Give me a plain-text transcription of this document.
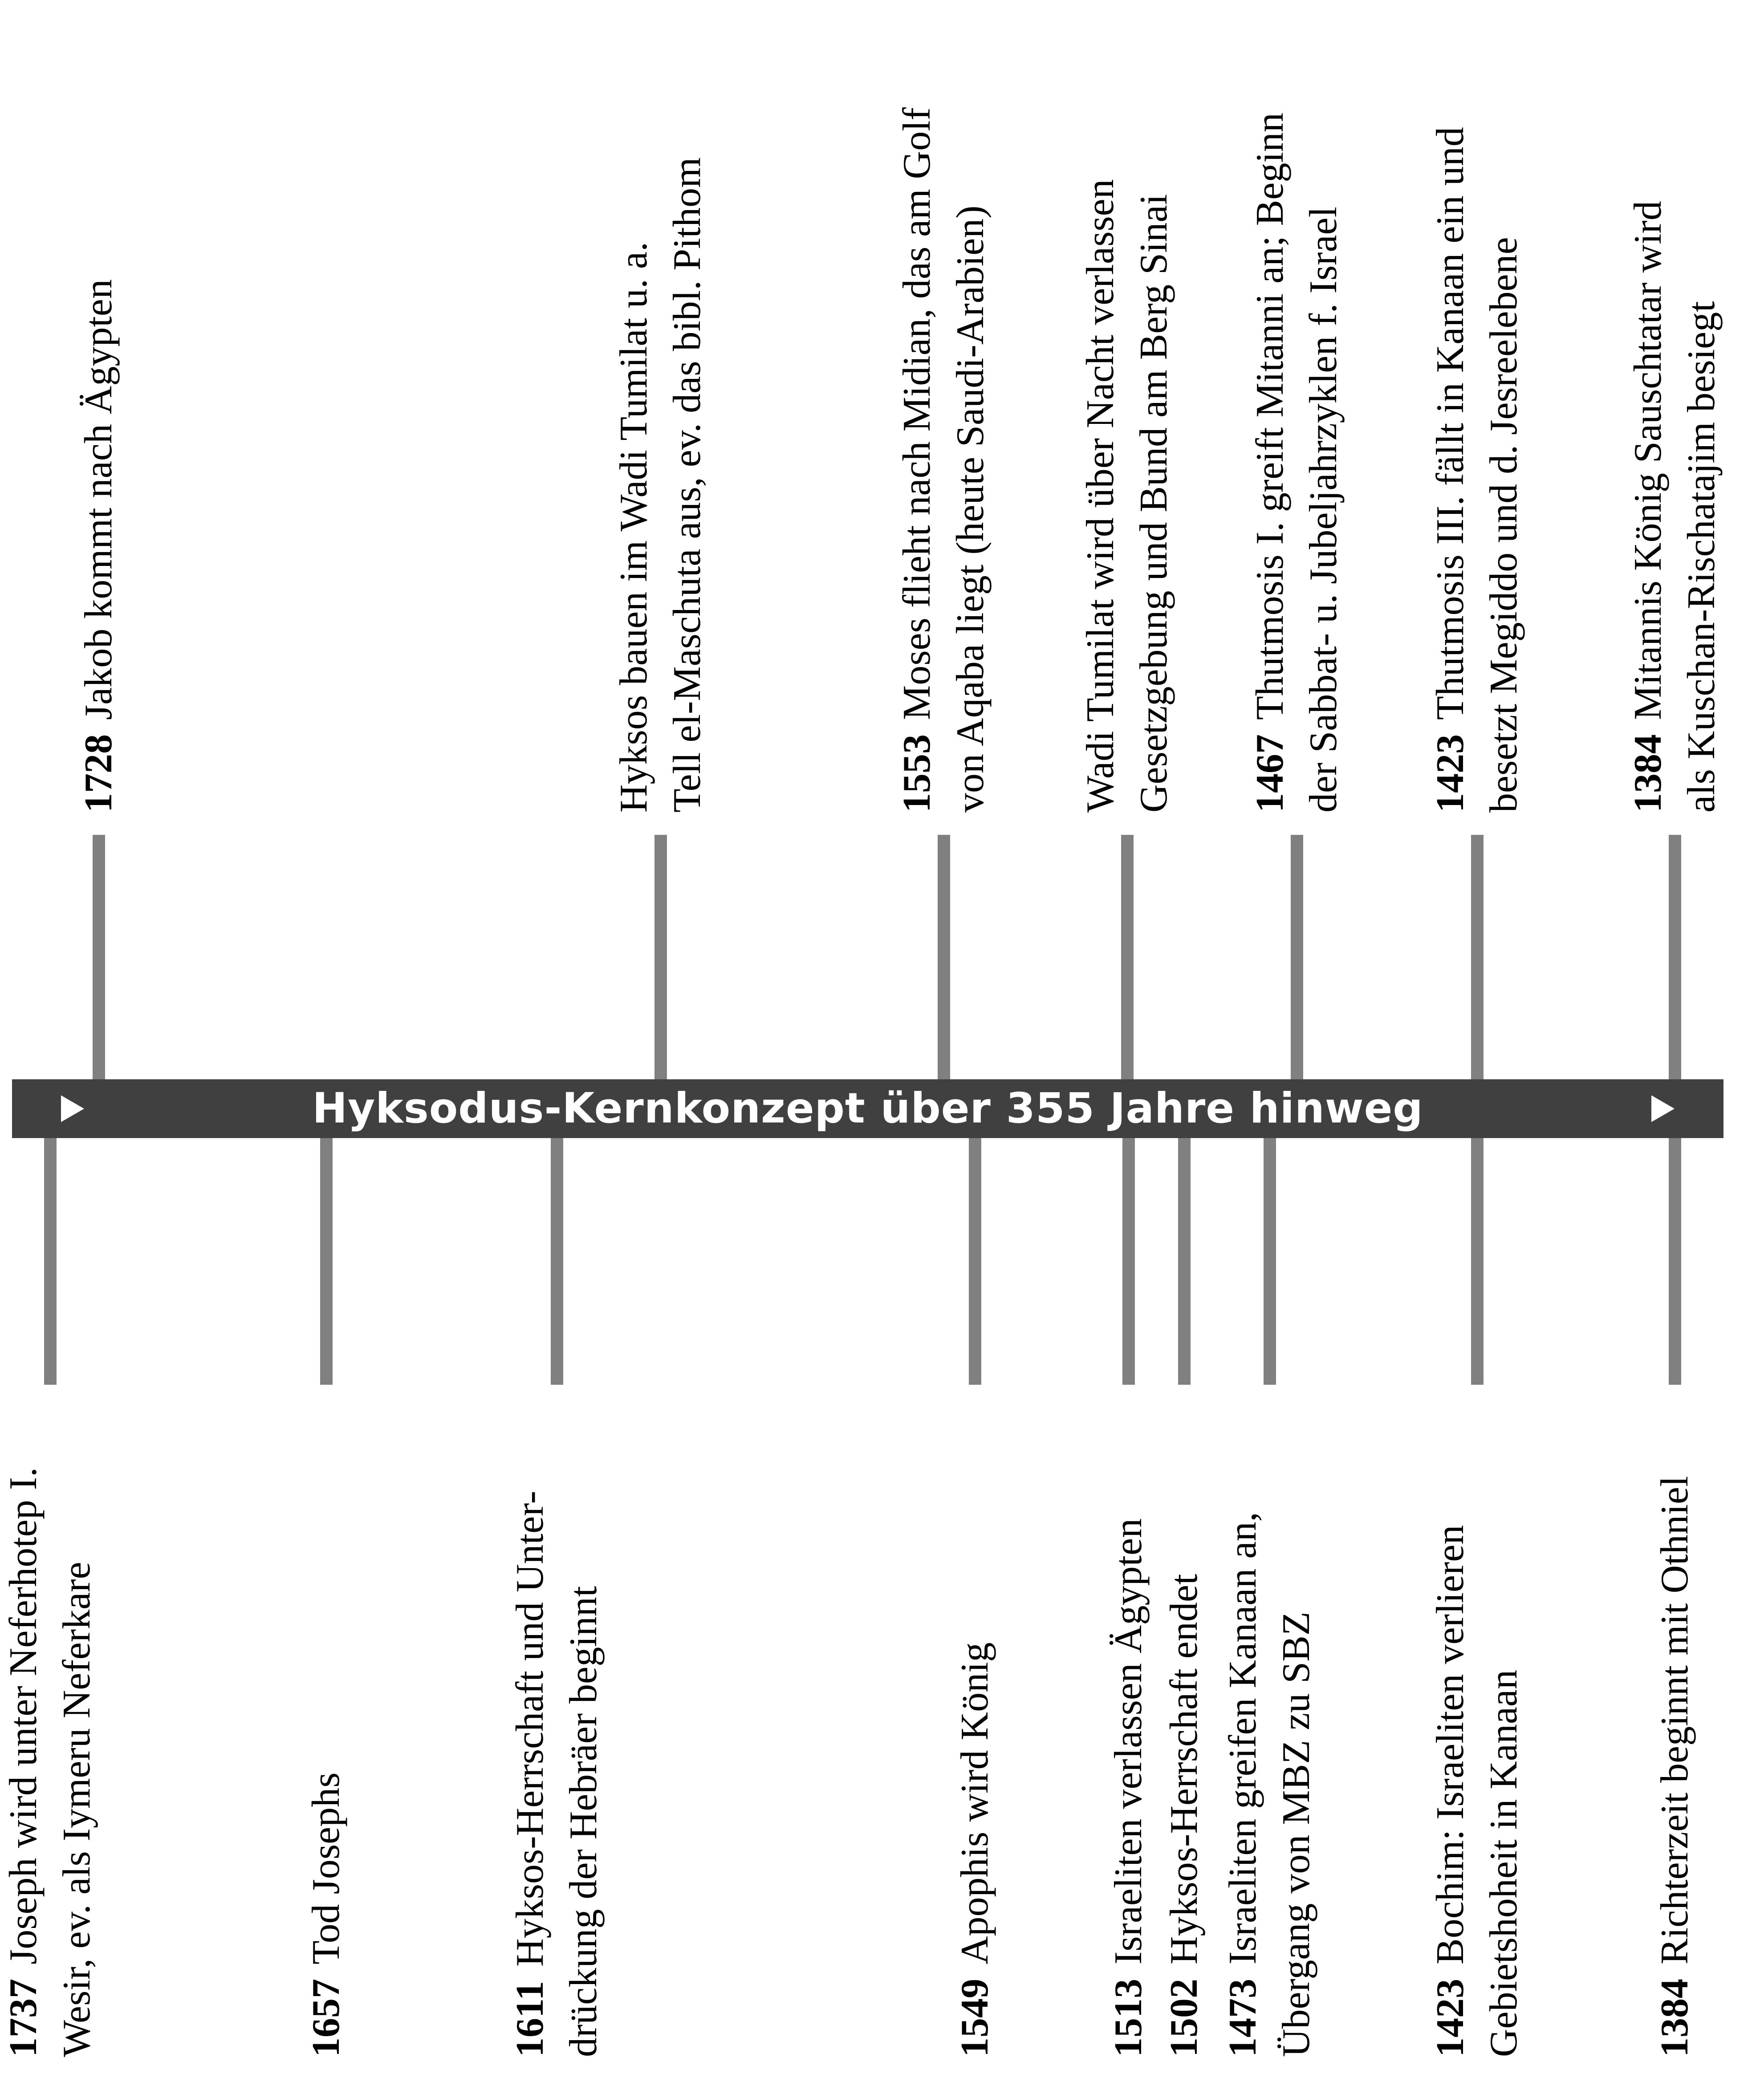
Hyksodus-Kernkonzept über 355 Jahre hinweg
1728Jakob kommt nach Ägypten	Hyksos bauen im Wadi Tumilat u. a. Tell el-Maschuta aus, ev. das bibl. Pithom	1553Moses flieht nach Midian, das am Golf von Aqaba liegt (heute Saudi-Arabien) Wadi Tumilat wird über Nacht verlassen Gesetzgebung und Bund am Berg Sinai 1467Thutmosis I. greift Mitanni an; Beginn der Sabbat- u. Jubeljahrzyklen f. Israel 1423Thutmosis III. fällt in Kanaan ein und besetzt Megiddo und d. Jesreelebene	1384Mitannis König Sauschtatar wird als Kuschan-Rischatajim besiegt
1737Joseph wird unter Neferhotep I. Wesir, ev. als Iymeru Neferkare	1657Tod Josephs
1611Hyksos-Herrschaft und Unter- drückung der Hebräer beginnt	1549Apophis wird König
1513Israeliten verlassen Ägypten
1502Hyksos-Herrschaft endet
1473Israeliten greifen Kanaan an, Übergang von MBZ zu SBZ	1423Bochim: Israeliten verlieren Gebietshoheit in Kanaan	1384Richterzeit beginnt mit Othniel
